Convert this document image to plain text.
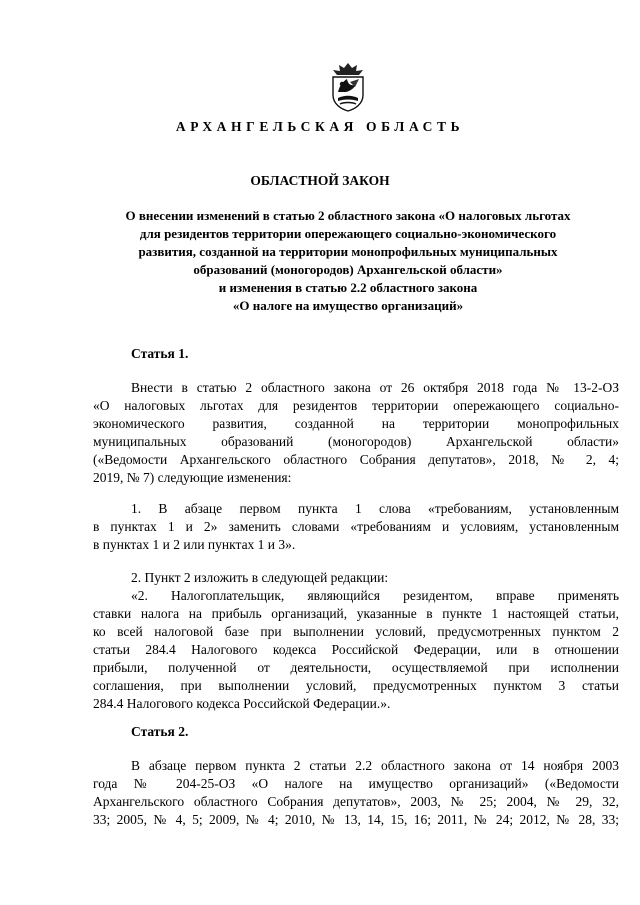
АРХАНГЕЛЬСКАЯ ОБЛАСТЬ
ОБЛАСТНОЙ ЗАКОН
О внесении изменений в статью 2 областного закона «О налоговых льготах
для резидентов территории опережающего социально-экономического
развития, созданной на территории монопрофильных муниципальных
образований (моногородов) Архангельской области»
и изменения в статью 2.2 областного закона
«О налоге на имущество организаций»
Статья 1.
Внести в статью 2 областного закона от 26 октября 2018 года № 13-2-ОЗ
«О налоговых льготах для резидентов территории опережающего социально-
экономического развития, созданной на территории монопрофильных
муниципальных образований (моногородов) Архангельской области»
(«Ведомости Архангельского областного Собрания депутатов», 2018, № 2, 4;
2019, № 7) следующие изменения:
1. В абзаце первом пункта 1 слова «требованиям, установленным
в пунктах 1 и 2» заменить словами «требованиям и условиям, установленным
в пунктах 1 и 2 или пунктах 1 и 3».
2. Пункт 2 изложить в следующей редакции:
«2. Налогоплательщик, являющийся резидентом, вправе применять
ставки налога на прибыль организаций, указанные в пункте 1 настоящей статьи,
ко всей налоговой базе при выполнении условий, предусмотренных пунктом 2
статьи 284.4 Налогового кодекса Российской Федерации, или в отношении
прибыли, полученной от деятельности, осуществляемой при исполнении
соглашения, при выполнении условий, предусмотренных пунктом 3 статьи
284.4 Налогового кодекса Российской Федерации.».
Статья 2.
В абзаце первом пункта 2 статьи 2.2 областного закона от 14 ноября 2003
года № 204-25-ОЗ «О налоге на имущество организаций» («Ведомости
Архангельского областного Собрания депутатов», 2003, № 25; 2004, № 29, 32,
33; 2005, № 4, 5; 2009, № 4; 2010, № 13, 14, 15, 16; 2011, № 24; 2012, № 28, 33;
